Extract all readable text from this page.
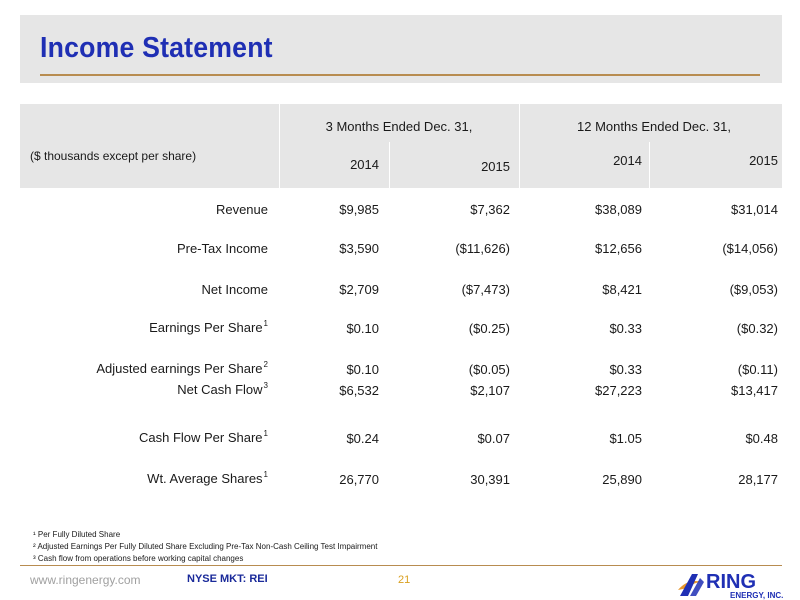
Income Statement
($ thousands except per share)
3 Months Ended Dec. 31,	12 Months Ended Dec. 31,
2014	2015	2014	2015
Revenue	$9,985	$7,362	$38,089	$31,014
Pre-Tax Income	$3,590	($11,626)	$12,656	($14,056)
Net Income	$2,709	($7,473)	$8,421	($9,053)
Earnings Per Share$^1$	$0.10	($0.25)	$0.33	($0.32)
Adjusted earnings Per Share$^2$	$0.10	($0.05)	$0.33	($0.11)
Net Cash Flow$^3$	$6,532	$2,107	$27,223	$13,417
Cash Flow Per Share$^1$	$0.24	$0.07	$1.05	$0.48
Wt. Average Shares$^1$	26,770	30,391	25,890	28,177
¹ Per Fully Diluted Share
² Adjusted Earnings Per Fully Diluted Share Excluding Pre-Tax Non-Cash Ceiling Test Impairment
³ Cash flow from operations before working capital changes
www.ringenergy.com	NYSE MKT: REI	21	RING
ENERGY, INC.
